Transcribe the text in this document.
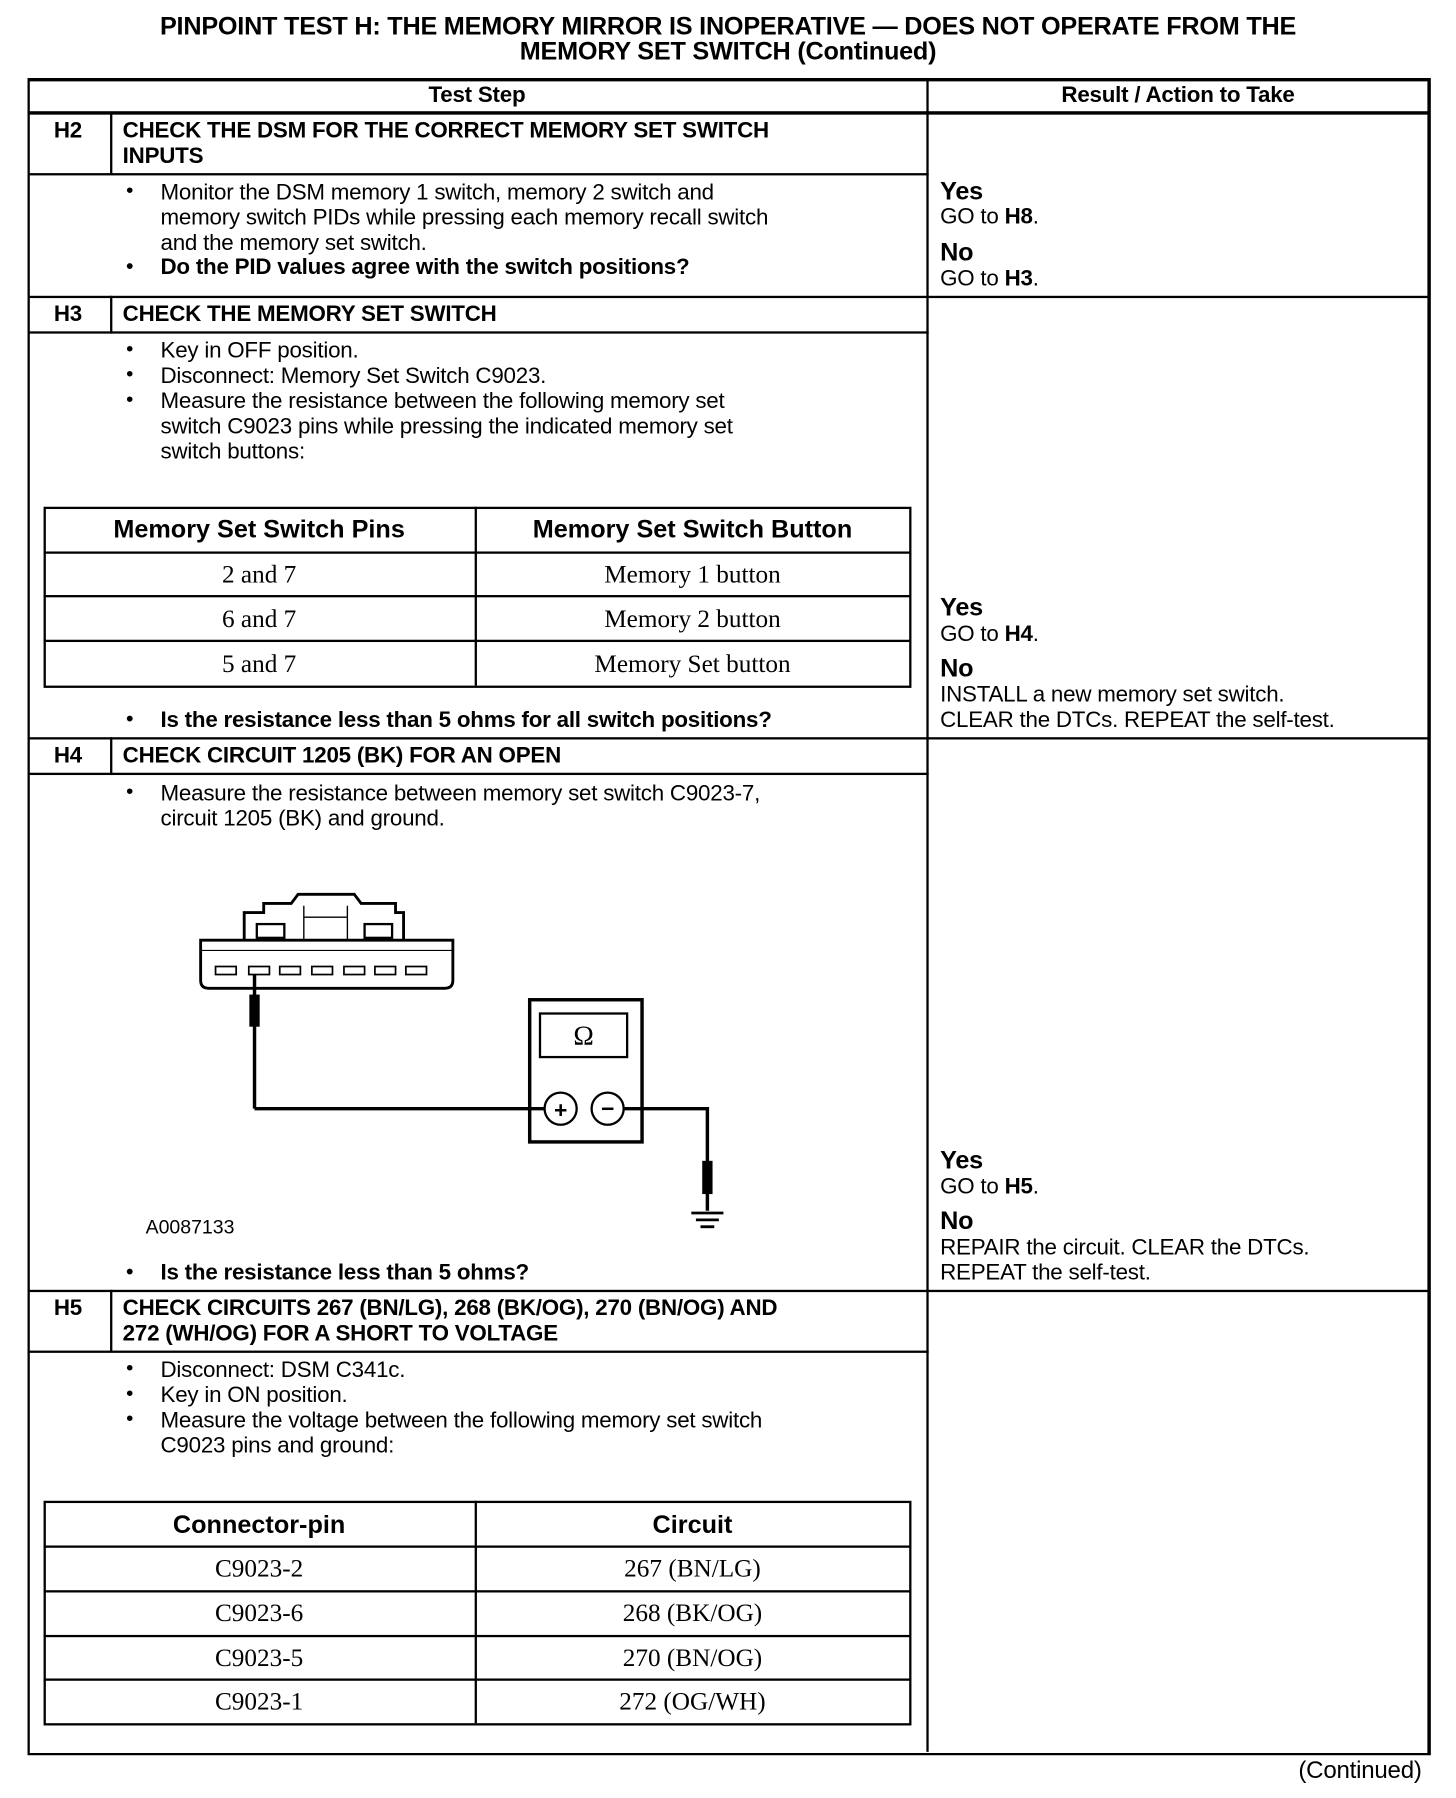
PINPOINT TEST H: THE MEMORY MIRROR IS INOPERATIVE — DOES NOT OPERATE FROM THE
MEMORY SET SWITCH (Continued)
Test Step	Result / Action to Take
H2 CHECK THE DSM FOR THE CORRECT MEMORY SET SWITCH
INPUTS
• Monitor the DSM memory 1 switch, memory 2 switch and
memory switch PIDs while pressing each memory recall switch
and the memory set switch.
• Do the PID values agree with the switch positions?
Yes
GO to H8.
No
GO to H3.
H3 CHECK THE MEMORY SET SWITCH
• Key in OFF position.
• Disconnect: Memory Set Switch C9023.
• Measure the resistance between the following memory set
switch C9023 pins while pressing the indicated memory set
switch buttons:
Memory Set Switch Pins	Memory Set Switch Button
2 and 7	Memory 1 button
6 and 7	Memory 2 button
5 and 7	Memory Set button
• Is the resistance less than 5 ohms for all switch positions?
Yes
GO to H4.
No
INSTALL a new memory set switch.
CLEAR the DTCs. REPEAT the self-test.
H4 CHECK CIRCUIT 1205 (BK) FOR AN OPEN
• Measure the resistance between memory set switch C9023-7,
circuit 1205 (BK) and ground.
Ω
+ −
A0087133
• Is the resistance less than 5 ohms?
Yes
GO to H5.
No
REPAIR the circuit. CLEAR the DTCs.
REPEAT the self-test.
H5 CHECK CIRCUITS 267 (BN/LG), 268 (BK/OG), 270 (BN/OG) AND
272 (WH/OG) FOR A SHORT TO VOLTAGE
• Disconnect: DSM C341c.
• Key in ON position.
• Measure the voltage between the following memory set switch
C9023 pins and ground:
Connector-pin	Circuit
C9023-2	267 (BN/LG)
C9023-6	268 (BK/OG)
C9023-5	270 (BN/OG)
C9023-1	272 (OG/WH)
(Continued)
